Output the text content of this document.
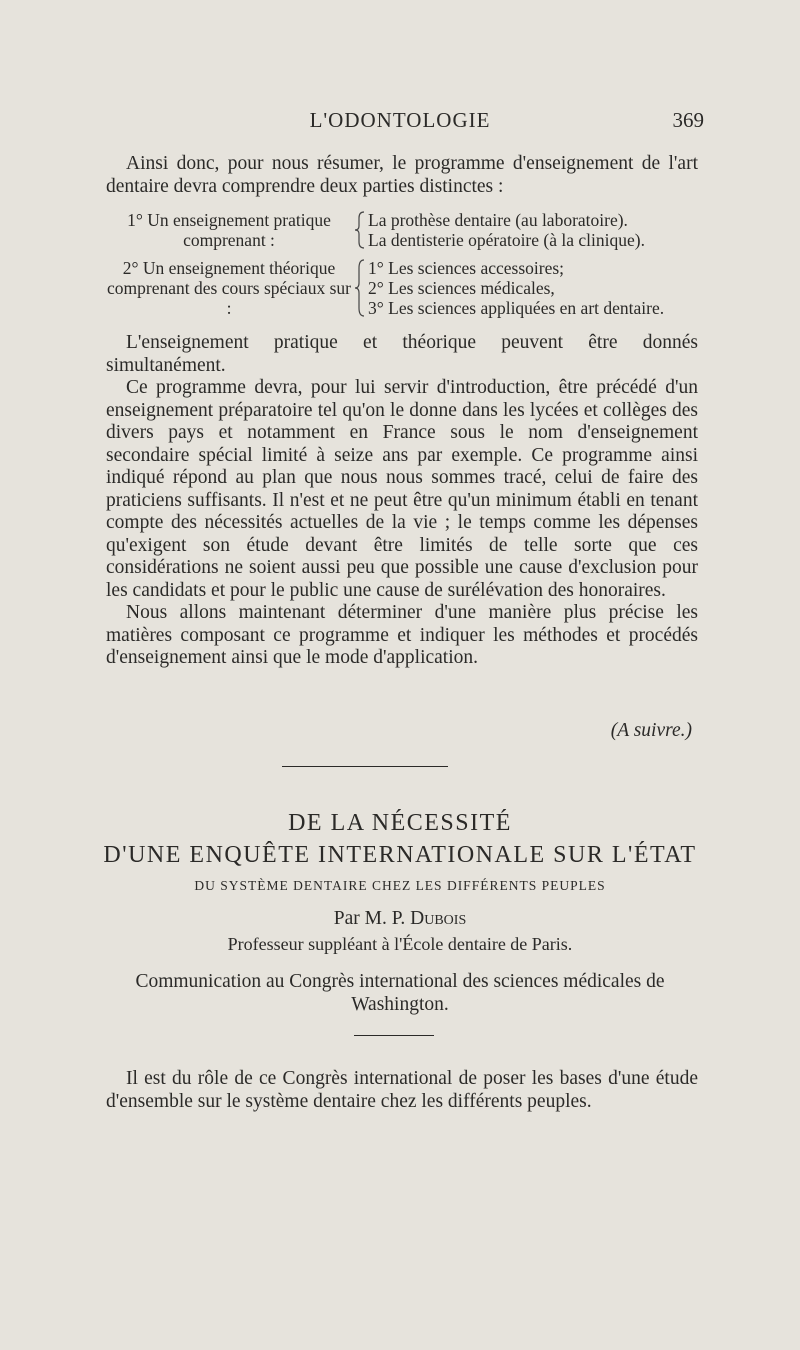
L'ODONTOLOGIE	369

Ainsi donc, pour nous résumer, le programme d'enseignement de l'art dentaire devra comprendre deux parties distinctes :

1° Un enseignement pratique comprenant :
La prothèse dentaire (au laboratoire).
La dentisterie opératoire (à la clinique).
2° Un enseignement théorique comprenant des cours spéciaux sur :
1° Les sciences accessoires;
2° Les sciences médicales,
3° Les sciences appliquées en art dentaire.

L'enseignement pratique et théorique peuvent être donnés simultanément.

Ce programme devra, pour lui servir d'introduction, être précédé d'un enseignement préparatoire tel qu'on le donne dans les lycées et collèges des divers pays et notamment en France sous le nom d'enseignement secondaire spécial limité à seize ans par exemple. Ce programme ainsi indiqué répond au plan que nous nous sommes tracé, celui de faire des praticiens suffisants. Il n'est et ne peut être qu'un minimum établi en tenant compte des nécessités actuelles de la vie ; le temps comme les dépenses qu'exigent son étude devant être limités de telle sorte que ces considérations ne soient aussi peu que possible une cause d'exclusion pour les candidats et pour le public une cause de surélévation des honoraires.

Nous allons maintenant déterminer d'une manière plus précise les matières composant ce programme et indiquer les méthodes et procédés d'enseignement ainsi que le mode d'application.

(A suivre.)
DE LA NÉCESSITÉ
D'UNE ENQUÊTE INTERNATIONALE SUR L'ÉTAT
DU SYSTÈME DENTAIRE CHEZ LES DIFFÉRENTS PEUPLES
Par M. P. Dubois
Professeur suppléant à l'École dentaire de Paris.
Communication au Congrès international des sciences médicales de Washington.

Il est du rôle de ce Congrès international de poser les bases d'une étude d'ensemble sur le système dentaire chez les différents peuples.
